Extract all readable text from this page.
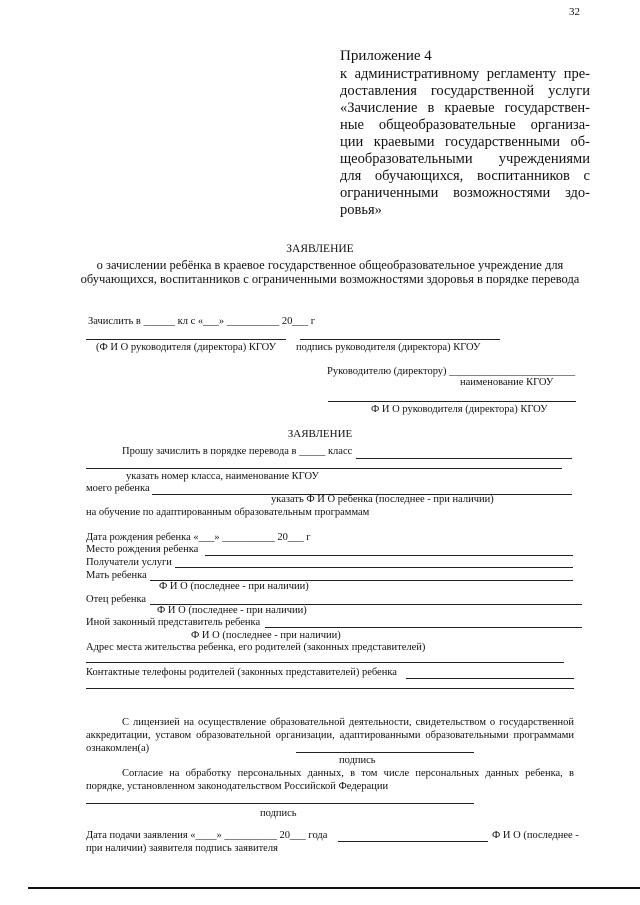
32
Приложение 4
к административному регламенту пре-
доставления государственной услуги
«Зачисление в краевые государствен-
ные общеобразовательные организа-
ции краевыми государственными об-
щеобразовательными учреждениями
для обучающихся, воспитанников с
ограниченными возможностями здо-
ровья»
ЗАЯВЛЕНИЕ
о зачислении ребёнка в краевое государственное общеобразовательное учреждение для обучающихся, воспитанников с ограниченными возможностями здоровья в порядке перевода
Зачислить в ______ кл с «___» __________ 20___ г
(Ф И О руководителя (директора) КГОУ подпись руководителя (директора) КГОУ
Руководителю (директору) ________________________
наименование КГОУ
Ф И О руководителя (директора) КГОУ
ЗАЯВЛЕНИЕ
Прошу зачислить в порядке перевода в _____ класс
указать номер класса, наименование КГОУ
моего ребенка
указать Ф И О ребенка (последнее - при наличии)
на обучение по адаптированным образовательным программам
Дата рождения ребенка «___» __________ 20___ г
Место рождения ребенка
Получатели услуги
Мать ребенка
Ф И О (последнее - при наличии)
Отец ребенка
Ф И О (последнее - при наличии)
Иной законный представитель ребенка
Ф И О (последнее - при наличии)
Адрес места жительства ребенка, его родителей (законных представителей)
Контактные телефоны родителей (законных представителей) ребенка
С лицензией на осуществление образовательной деятельности, свидетельством о государственной аккредитации, уставом образовательной организации, адаптированными образовательными программами ознакомлен(а)
подпись
Согласие на обработку персональных данных, в том числе персональных данных ребенка, в порядке, установленном законодательством Российской Федерации
подпись
Дата подачи заявления «____» __________ 20___ года	Ф И О (последнее -
при наличии) заявителя подпись заявителя
